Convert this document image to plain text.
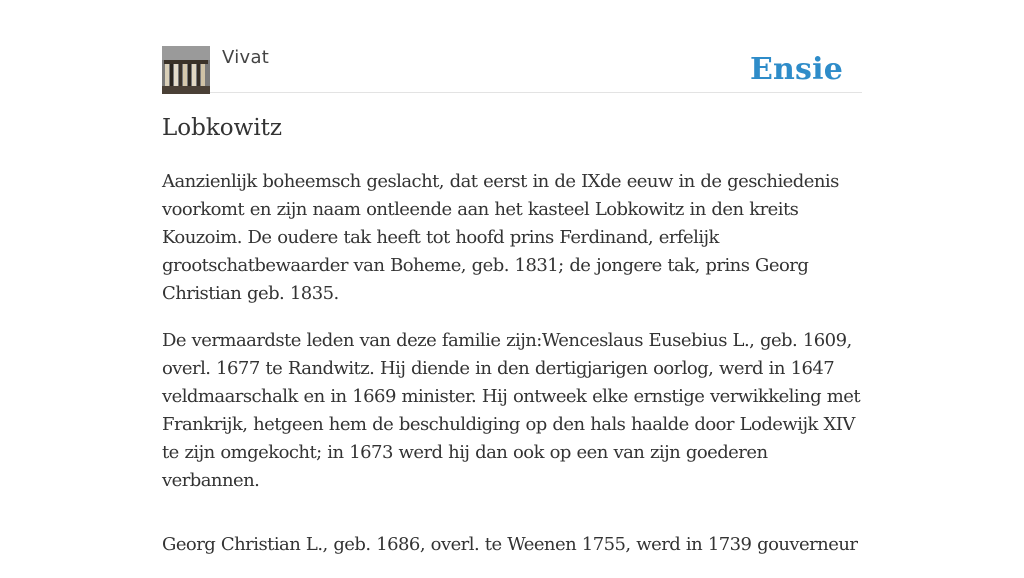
Vivat	Ensie
Lobkowitz

Aanzienlijk boheemsch geslacht, dat eerst in de IXde eeuw in de geschiedenis voorkomt en zijn naam ontleende aan het kasteel Lobkowitz in den kreits Kouzoim. De oudere tak heeft tot hoofd prins Ferdinand, erfelijk grootschatbewaarder van Boheme, geb. 1831; de jongere tak, prins Georg Christian geb. 1835.

De vermaardste leden van deze familie zijn:Wenceslaus Eusebius L., geb. 1609, overl. 1677 te Randwitz. Hij diende in den dertigjarigen oorlog, werd in 1647 veldmaarschalk en in 1669 minister. Hij ontweek elke ernstige verwikkeling met Frankrijk, hetgeen hem de beschuldiging op den hals haalde door Lodewijk XIV te zijn omgekocht; in 1673 werd hij dan ook op een van zijn goederen verbannen.

Georg Christian L., geb. 1686, overl. te Weenen 1755, werd in 1739 gouverneur
